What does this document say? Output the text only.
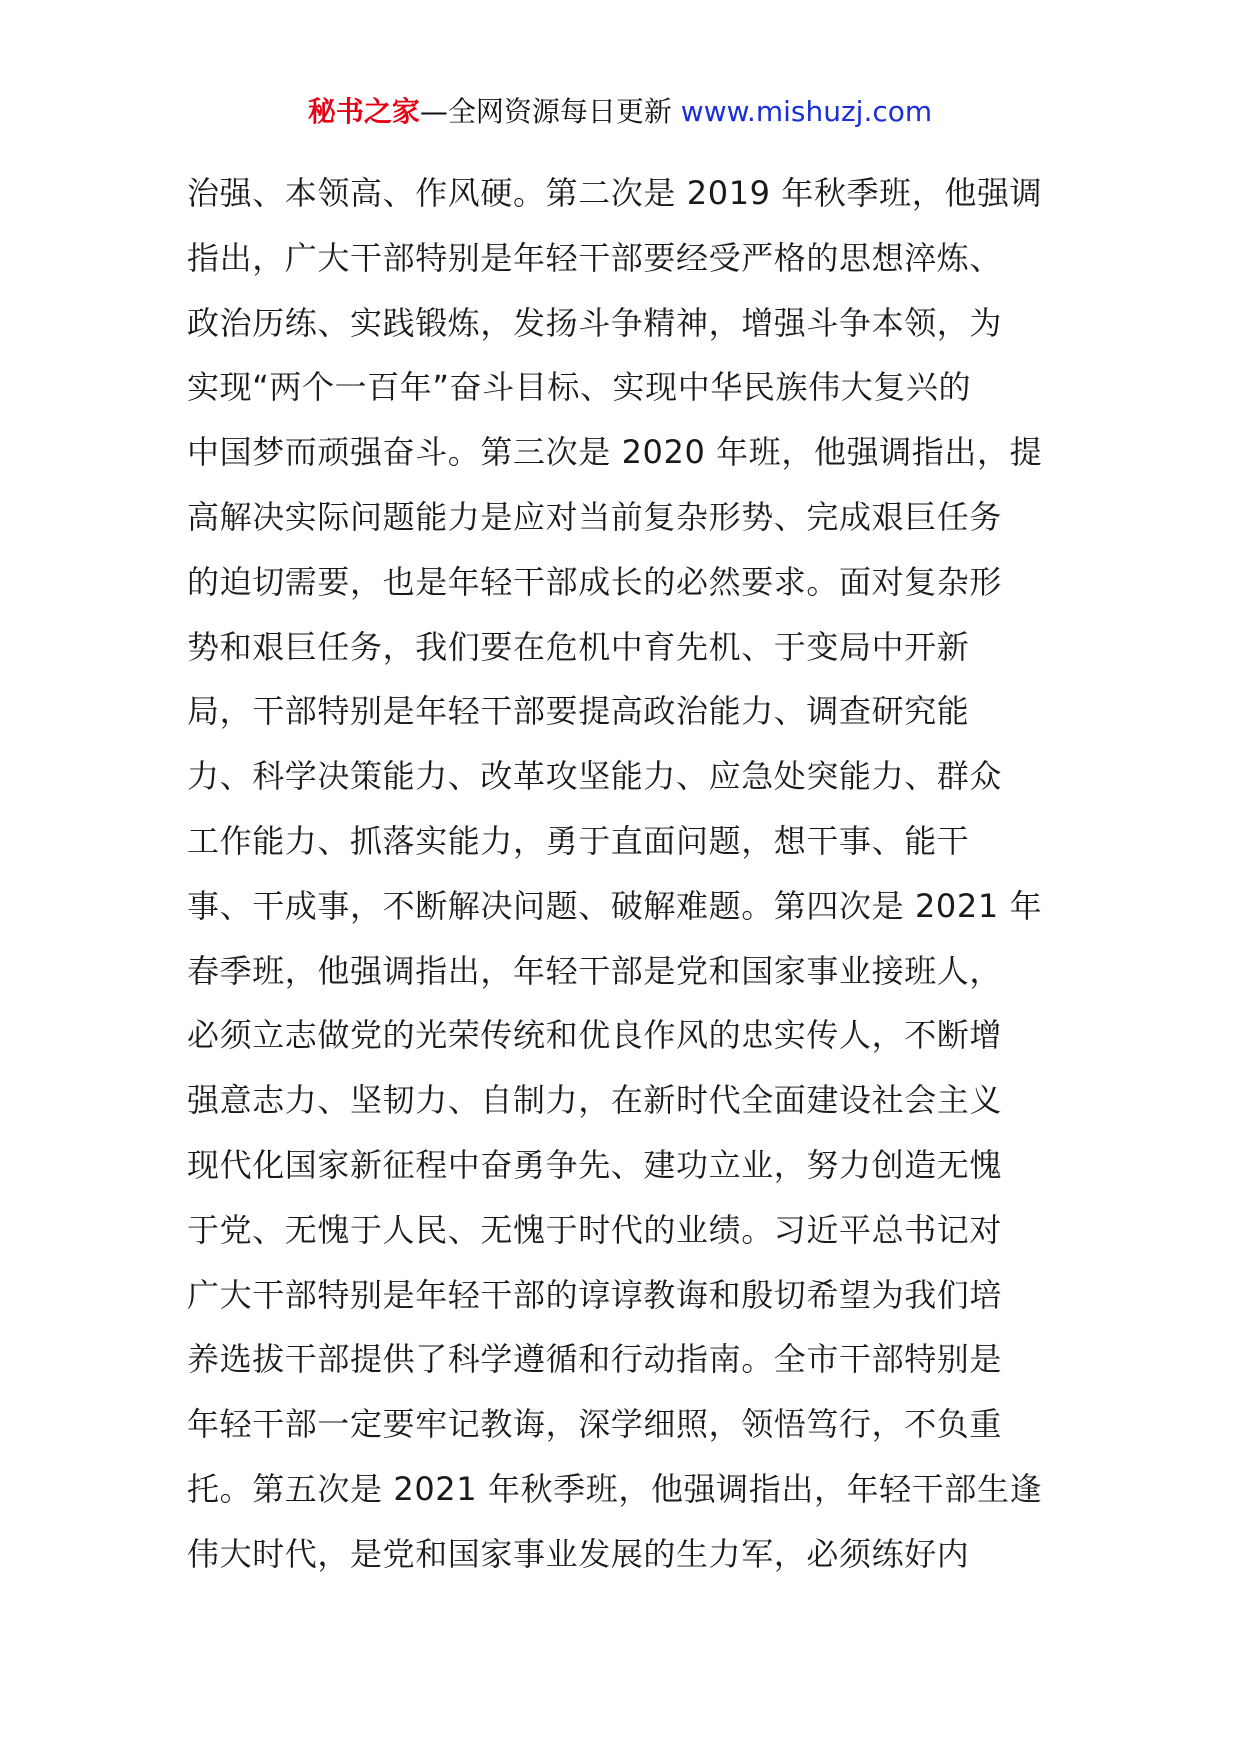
秘书之家—全网资源每日更新 www.mishuzj.com
治强、本领高、作风硬。第二次是 2019 年秋季班，他强调
指出，广大干部特别是年轻干部要经受严格的思想淬炼、
政治历练、实践锻炼，发扬斗争精神，增强斗争本领，为
实现“两个一百年”奋斗目标、实现中华民族伟大复兴的
中国梦而顽强奋斗。第三次是 2020 年班，他强调指出，提
高解决实际问题能力是应对当前复杂形势、完成艰巨任务
的迫切需要，也是年轻干部成长的必然要求。面对复杂形
势和艰巨任务，我们要在危机中育先机、于变局中开新
局，干部特别是年轻干部要提高政治能力、调查研究能
力、科学决策能力、改革攻坚能力、应急处突能力、群众
工作能力、抓落实能力，勇于直面问题，想干事、能干
事、干成事，不断解决问题、破解难题。第四次是 2021 年
春季班，他强调指出，年轻干部是党和国家事业接班人，
必须立志做党的光荣传统和优良作风的忠实传人，不断增
强意志力、坚韧力、自制力，在新时代全面建设社会主义
现代化国家新征程中奋勇争先、建功立业，努力创造无愧
于党、无愧于人民、无愧于时代的业绩。习近平总书记对
广大干部特别是年轻干部的谆谆教诲和殷切希望为我们培
养选拔干部提供了科学遵循和行动指南。全市干部特别是
年轻干部一定要牢记教诲，深学细照，领悟笃行，不负重
托。第五次是 2021 年秋季班，他强调指出，年轻干部生逢
伟大时代，是党和国家事业发展的生力军，必须练好内
